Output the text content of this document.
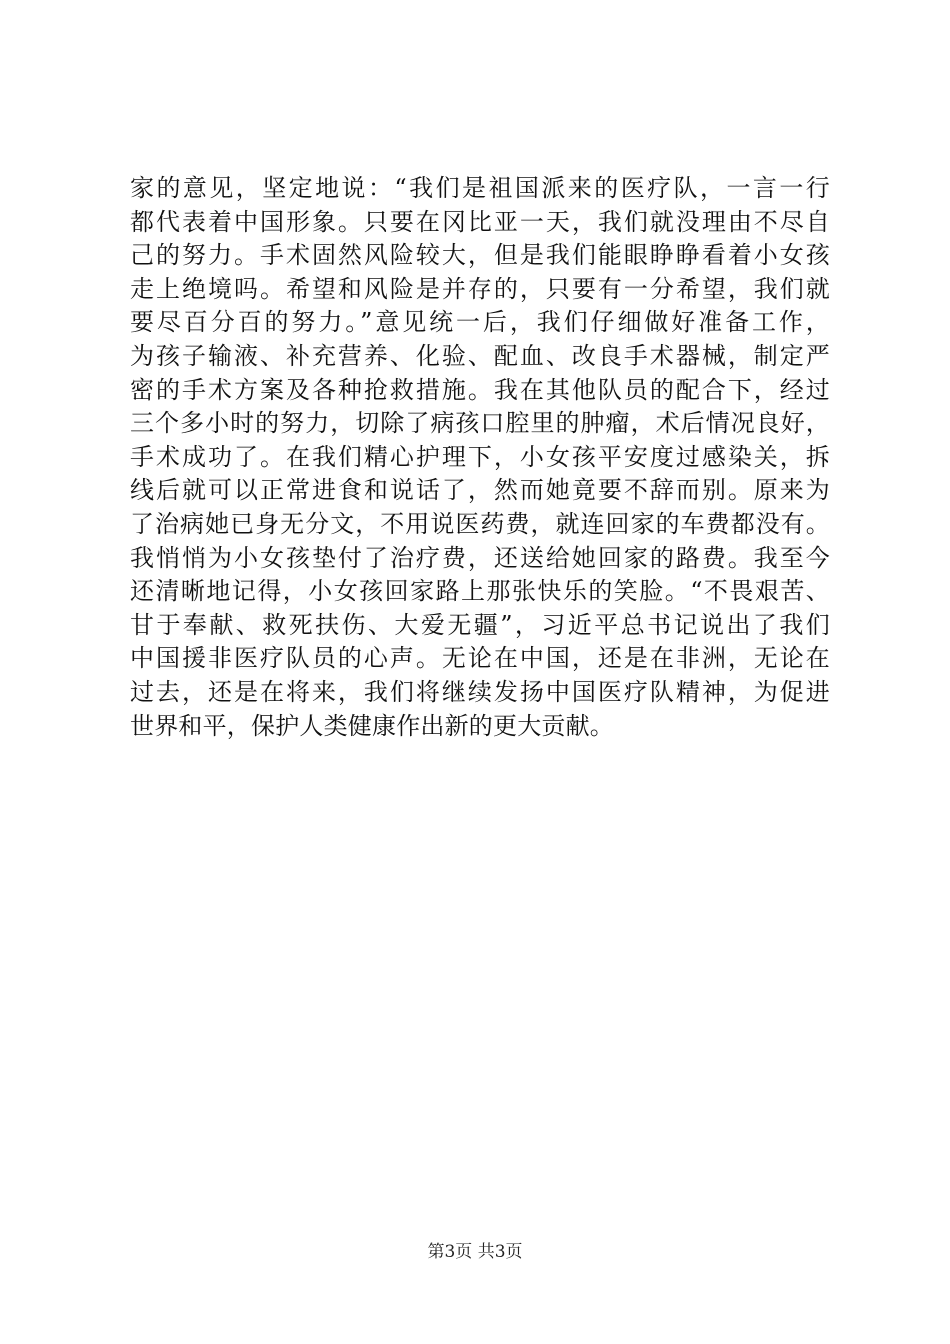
家的意见，坚定地说：“我们是祖国派来的医疗队，一言一行
都代表着中国形象。只要在冈比亚一天，我们就没理由不尽自
己的努力。手术固然风险较大，但是我们能眼睁睁看着小女孩
走上绝境吗。希望和风险是并存的，只要有一分希望，我们就
要尽百分百的努力。”意见统一后，我们仔细做好准备工作，
为孩子输液、补充营养、化验、配血、改良手术器械，制定严
密的手术方案及各种抢救措施。我在其他队员的配合下，经过
三个多小时的努力，切除了病孩口腔里的肿瘤，术后情况良好，
手术成功了。在我们精心护理下，小女孩平安度过感染关，拆
线后就可以正常进食和说话了，然而她竟要不辞而别。原来为
了治病她已身无分文，不用说医药费，就连回家的车费都没有。
我悄悄为小女孩垫付了治疗费，还送给她回家的路费。我至今
还清晰地记得，小女孩回家路上那张快乐的笑脸。“不畏艰苦、
甘于奉献、救死扶伤、大爱无疆”，习近平总书记说出了我们
中国援非医疗队员的心声。无论在中国，还是在非洲，无论在
过去，还是在将来，我们将继续发扬中国医疗队精神，为促进
世界和平，保护人类健康作出新的更大贡献。
第3页 共3页
